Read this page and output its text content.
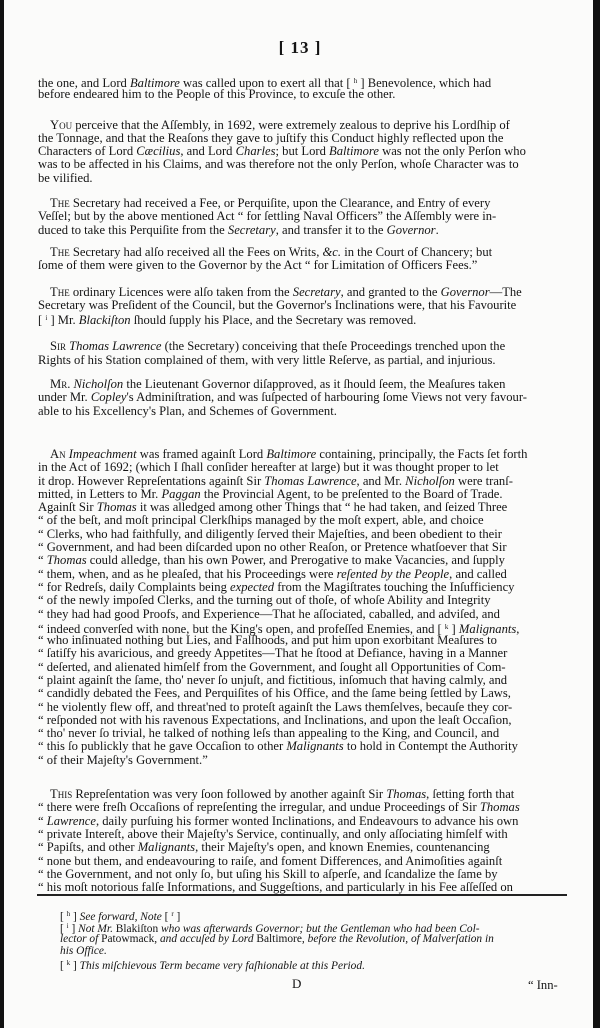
[ 13 ]
the one, and Lord Baltimore was called upon to exert all that [ $^h$ ] Benevolence, which had
before endeared him to the People of this Province, to excuſe the other.
You perceive that the Aſſembly, in 1692, were extremely zealous to deprive his Lordſhip of
the Tonnage, and that the Reaſons they gave to juſtify this Conduct highly reflected upon the
Characters of Lord Cæcilius, and Lord Charles; but Lord Baltimore was not the only Perſon who
was to be affected in his Claims, and was therefore not the only Perſon, whoſe Character was to
be vilified.
The Secretary had received a Fee, or Perquiſite, upon the Clearance, and Entry of every
Veſſel; but by the above mentioned Act “ for ſettling Naval Officers” the Aſſembly were in-
duced to take this Perquiſite from the Secretary, and transfer it to the Governor.
The Secretary had alſo received all the Fees on Writs, &c. in the Court of Chancery; but
ſome of them were given to the Governor by the Act “ for Limitation of Officers Fees.”
The ordinary Licences were alſo taken from the Secretary, and granted to the Governor—The
Secretary was Preſident of the Council, but the Governor's Inclinations were, that his Favourite
[ $^i$ ] Mr. Blackiſton ſhould ſupply his Place, and the Secretary was removed.
Sir Thomas Lawrence (the Secretary) conceiving that theſe Proceedings trenched upon the
Rights of his Station complained of them, with very little Reſerve, as partial, and injurious.
Mr. Nicholſon the Lieutenant Governor diſapproved, as it ſhould ſeem, the Meaſures taken
under Mr. Copley's Adminiſtration, and was ſuſpected of harbouring ſome Views not very favour-
able to his Excellency's Plan, and Schemes of Government.
An Impeachment was framed againſt Lord Baltimore containing, principally, the Facts ſet forth
in the Act of 1692; (which I ſhall conſider hereafter at large) but it was thought proper to let
it drop. However Repreſentations againſt Sir Thomas Lawrence, and Mr. Nicholſon were tranſ-
mitted, in Letters to Mr. Paggan the Provincial Agent, to be preſented to the Board of Trade.
Againſt Sir Thomas it was alledged among other Things that “ he had taken, and ſeized Three
“ of the beſt, and moſt principal Clerkſhips managed by the moſt expert, able, and choice
“ Clerks, who had faithfully, and diligently ſerved their Majeſties, and been obedient to their
“ Government, and had been diſcarded upon no other Reaſon, or Pretence whatſoever that Sir
“ Thomas could alledge, than his own Power, and Prerogative to make Vacancies, and ſupply
“ them, when, and as he pleaſed, that his Proceedings were reſented by the People, and called
“ for Redreſs, daily Complaints being expected from the Magiſtrates touching the Inſufficiency
“ of the newly impoſed Clerks, and the turning out of thoſe, of whoſe Ability and Integrity
“ they had had good Proofs, and Experience—That he aſſociated, caballed, and adviſed, and
“ indeed converſed with none, but the King's open, and profeſſed Enemies, and [ $^k$ ] Malignants,
“ who inſinuated nothing but Lies, and Falſhoods, and put him upon exorbitant Meaſures to
“ ſatiſfy his avaricious, and greedy Appetites—That he ſtood at Defiance, having in a Manner
“ deſerted, and alienated himſelf from the Government, and ſought all Opportunities of Com-
“ plaint againſt the ſame, tho' never ſo unjuſt, and fictitious, inſomuch that having calmly, and
“ candidly debated the Fees, and Perquiſites of his Office, and the ſame being ſettled by Laws,
“ he violently flew off, and threat'ned to proteſt againſt the Laws themſelves, becauſe they cor-
“ reſponded not with his ravenous Expectations, and Inclinations, and upon the leaſt Occaſion,
“ tho' never ſo trivial, he talked of nothing leſs than appealing to the King, and Council, and
“ this ſo publickly that he gave Occaſion to other Malignants to hold in Contempt the Authority
“ of their Majeſty's Government.”
This Repreſentation was very ſoon followed by another againſt Sir Thomas, ſetting forth that
“ there were freſh Occaſions of repreſenting the irregular, and undue Proceedings of Sir Thomas
“ Lawrence, daily purſuing his former wonted Inclinations, and Endeavours to advance his own
“ private Intereſt, above their Majeſty's Service, continually, and only aſſociating himſelf with
“ Papiſts, and other Malignants, their Majeſty's open, and known Enemies, countenancing
“ none but them, and endeavouring to raiſe, and foment Differences, and Animoſities againſt
“ the Government, and not only ſo, but uſing his Skill to aſperſe, and ſcandalize the ſame by
“ his moſt notorious falſe Informations, and Suggeſtions, and particularly in his Fee aſſeſſed on
[ $^h$ ] See forward, Note [ $^r$ ]
[ $^i$ ] Not Mr. Blakiſton who was afterwards Governor; but the Gentleman who had been Col-
lector of Patowmack, and accuſed by Lord Baltimore, before the Revolution, of Malverſation in
his Office.
[ $^k$ ] This miſchievous Term became very faſhionable at this Period.
D	“ Inn-
